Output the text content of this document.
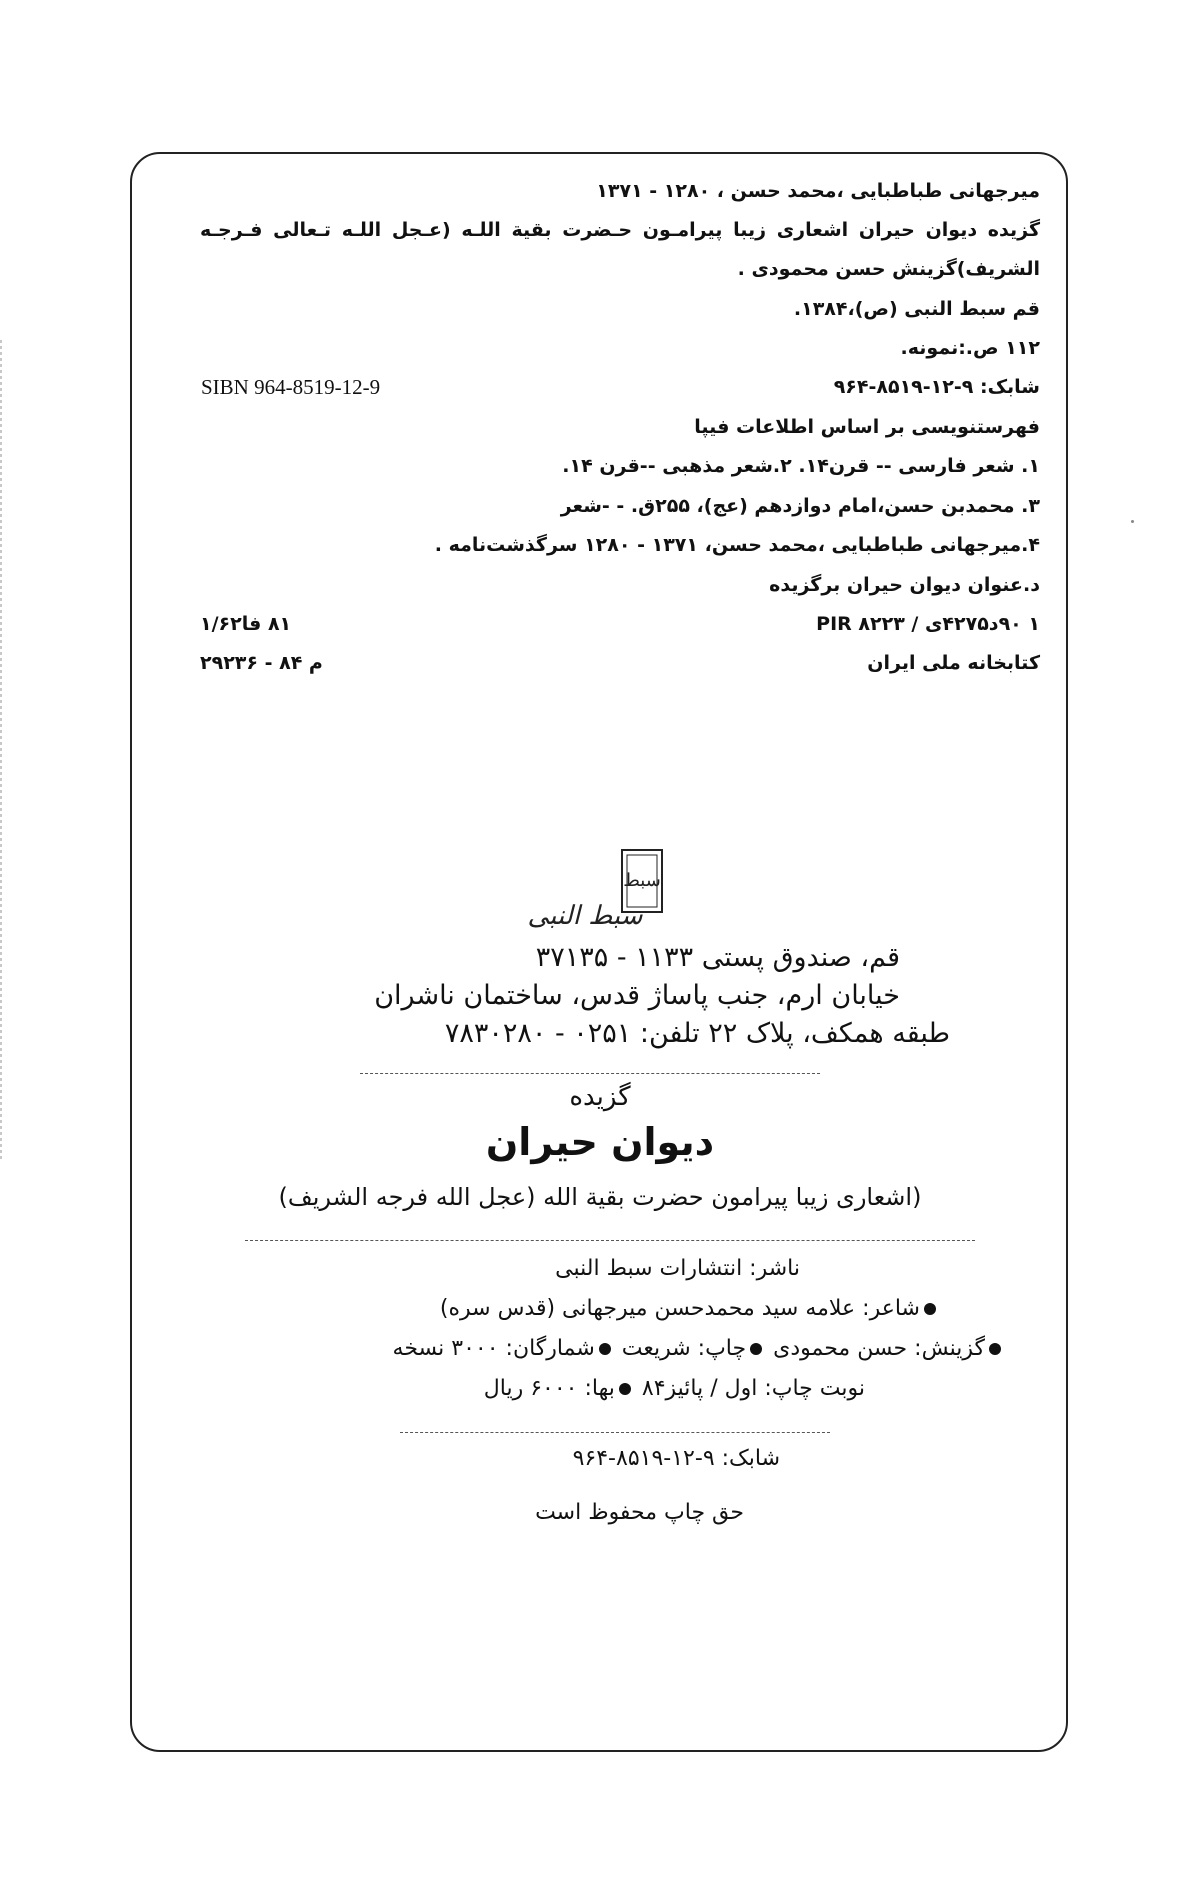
میرجهانی طباطبایی ،محمد حسن ، ۱۲۸۰ - ۱۳۷۱
گزیده دیوان حیران اشعاری زیبا پیرامـون حـضرت بقیة اللـه (عـجل اللـه تـعالی فـرجـه
الشریف)گزینش حسن محمودی .
قم سبط النبی (ص)،۱۳۸۴.
۱۱۲ ص.:نمونه.
شابک: ۹-۱۲-۸۵۱۹-۹۶۴
SIBN 964-8519-12-9
فهرستنویسی بر اساس اطلاعات فیپا
۱. شعر فارسی -- قرن۱۴. ۲.شعر مذهبی --قرن ۱۴.
۳. محمدبن حسن،امام دوازدهم (عج)، ۲۵۵ق. - -شعر
۴.میرجهانی طباطبایی ،محمد حسن، ۱۳۷۱ - ۱۲۸۰ سرگذشت‌نامه .
د.عنوان دیوان حیران برگزیده
۱ ۹۰د۴۲۷۵ی / ۸۲۲۳ PIR
۸۱ فا۱/۶۲
کتابخانه ملی ایران
م ۸۴ - ۲۹۲۳۶
سبط
سبط النبی
قم، صندوق پستی ۱۱۳۳ - ۳۷۱۳۵
خیابان ارم، جنب پاساژ قدس، ساختمان ناشران
طبقه همکف، پلاک ۲۲ تلفن: ۰۲۵۱ - ۷۸۳۰۲۸۰
گزیده
دیوان حیران
(اشعاری زیبا پیرامون حضرت بقیة الله (عجل الله فرجه الشریف)
ناشر: انتشارات سبط النبی
شاعر: علامه سید محمدحسن میرجهانی (قدس سره)
گزینش: حسن محمودی چاپ: شریعت شمارگان: ۳۰۰۰ نسخه
نوبت چاپ: اول / پائیز۸۴ بها: ۶۰۰۰ ریال
شابک: ۹-۱۲-۸۵۱۹-۹۶۴
حق چاپ محفوظ است
